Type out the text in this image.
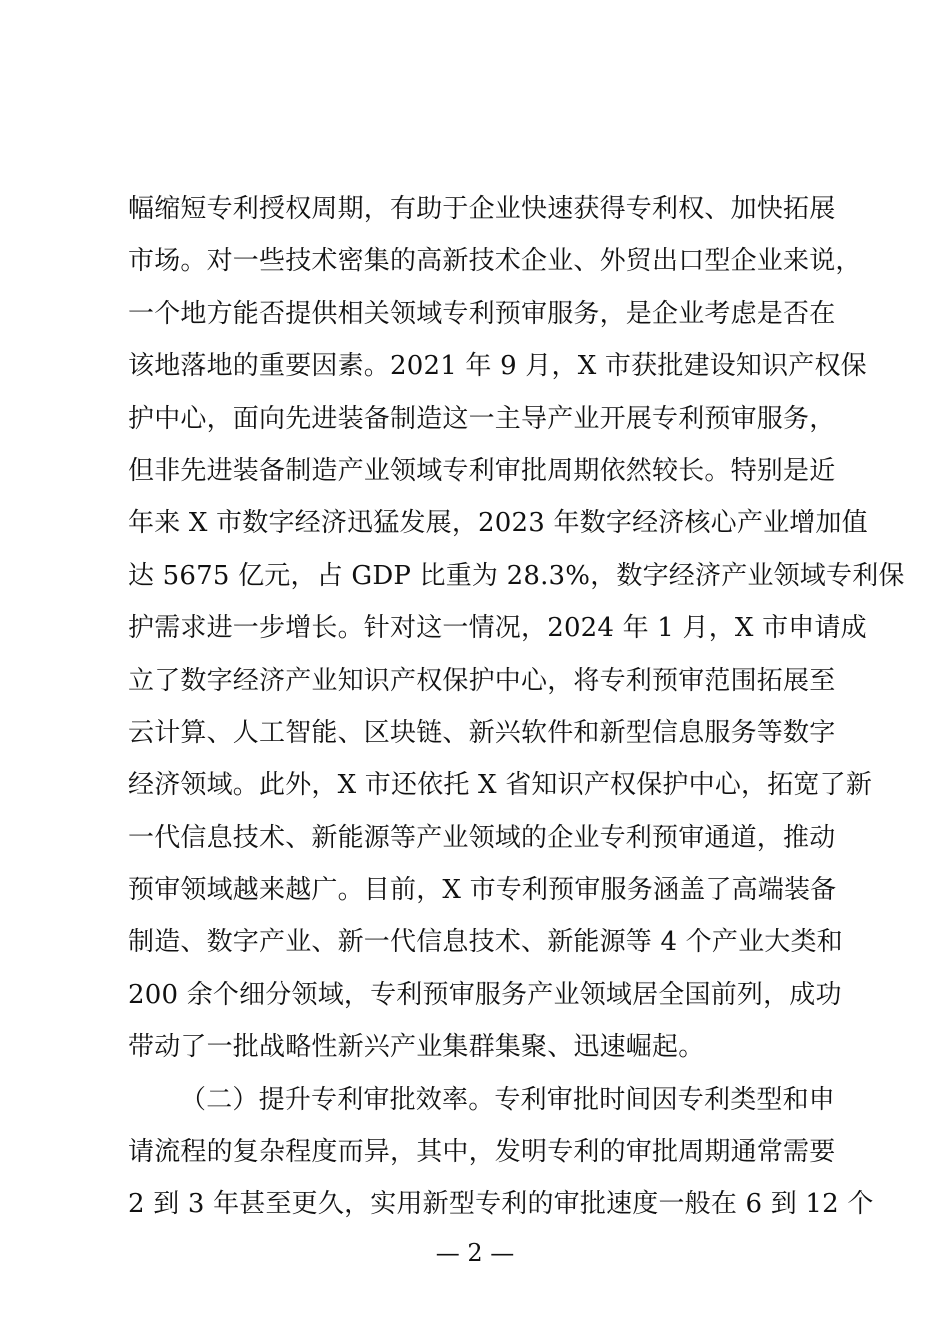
幅缩短专利授权周期，有助于企业快速获得专利权、加快拓展
市场。对一些技术密集的高新技术企业、外贸出口型企业来说，
一个地方能否提供相关领域专利预审服务，是企业考虑是否在
该地落地的重要因素。2021 年 9 月，X 市获批建设知识产权保
护中心，面向先进装备制造这一主导产业开展专利预审服务，
但非先进装备制造产业领域专利审批周期依然较长。特别是近
年来 X 市数字经济迅猛发展，2023 年数字经济核心产业增加值
达 5675 亿元，占 GDP 比重为 28.3%，数字经济产业领域专利保
护需求进一步增长。针对这一情况，2024 年 1 月，X 市申请成
立了数字经济产业知识产权保护中心，将专利预审范围拓展至
云计算、人工智能、区块链、新兴软件和新型信息服务等数字
经济领域。此外，X 市还依托 X 省知识产权保护中心，拓宽了新
一代信息技术、新能源等产业领域的企业专利预审通道，推动
预审领域越来越广。目前，X 市专利预审服务涵盖了高端装备
制造、数字产业、新一代信息技术、新能源等 4 个产业大类和
200 余个细分领域，专利预审服务产业领域居全国前列，成功
带动了一批战略性新兴产业集群集聚、迅速崛起。
（二）提升专利审批效率。专利审批时间因专利类型和申
请流程的复杂程度而异，其中，发明专利的审批周期通常需要
2 到 3 年甚至更久，实用新型专利的审批速度一般在 6 到 12 个
— 2 —
